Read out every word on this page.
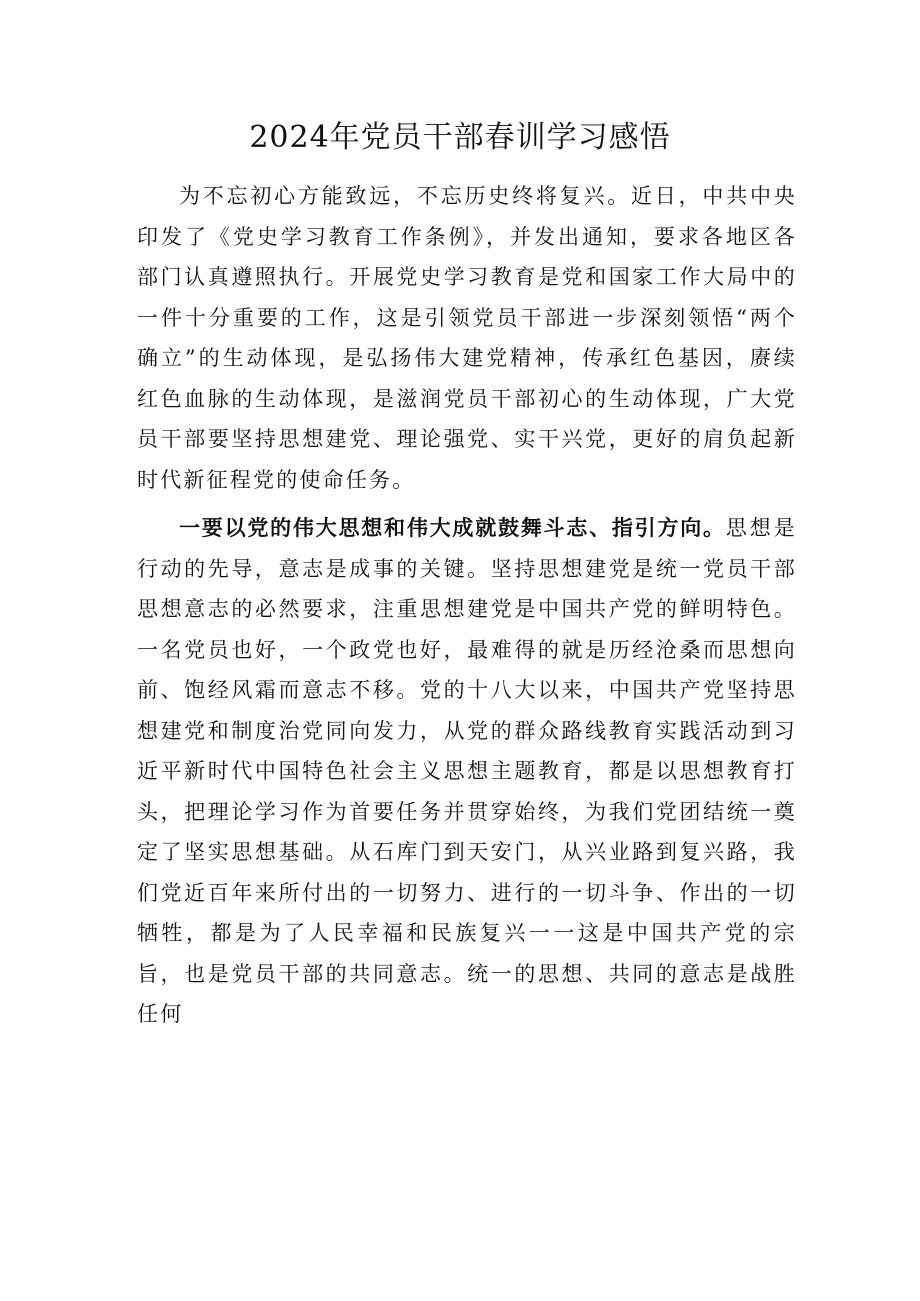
2024年党员干部春训学习感悟

为不忘初心方能致远，不忘历史终将复兴。近日，中共中央印发了《党史学习教育工作条例》，并发出通知，要求各地区各部门认真遵照执行。开展党史学习教育是党和国家工作大局中的一件十分重要的工作，这是引领党员干部进一步深刻领悟“两个确立”的生动体现，是弘扬伟大建党精神，传承红色基因，赓续红色血脉的生动体现，是滋润党员干部初心的生动体现，广大党员干部要坚持思想建党、理论强党、实干兴党，更好的肩负起新时代新征程党的使命任务。

一要以党的伟大思想和伟大成就鼓舞斗志、指引方向。思想是行动的先导，意志是成事的关键。坚持思想建党是统一党员干部思想意志的必然要求，注重思想建党是中国共产党的鲜明特色。一名党员也好，一个政党也好，最难得的就是历经沧桑而思想向前、饱经风霜而意志不移。党的十八大以来，中国共产党坚持思想建党和制度治党同向发力，从党的群众路线教育实践活动到习近平新时代中国特色社会主义思想主题教育，都是以思想教育打头，把理论学习作为首要任务并贯穿始终，为我们党团结统一奠定了坚实思想基础。从石库门到天安门，从兴业路到复兴路，我们党近百年来所付出的一切努力、进行的一切斗争、作出的一切牺牲，都是为了人民幸福和民族复兴一一这是中国共产党的宗旨，也是党员干部的共同意志。统一的思想、共同的意志是战胜任何
